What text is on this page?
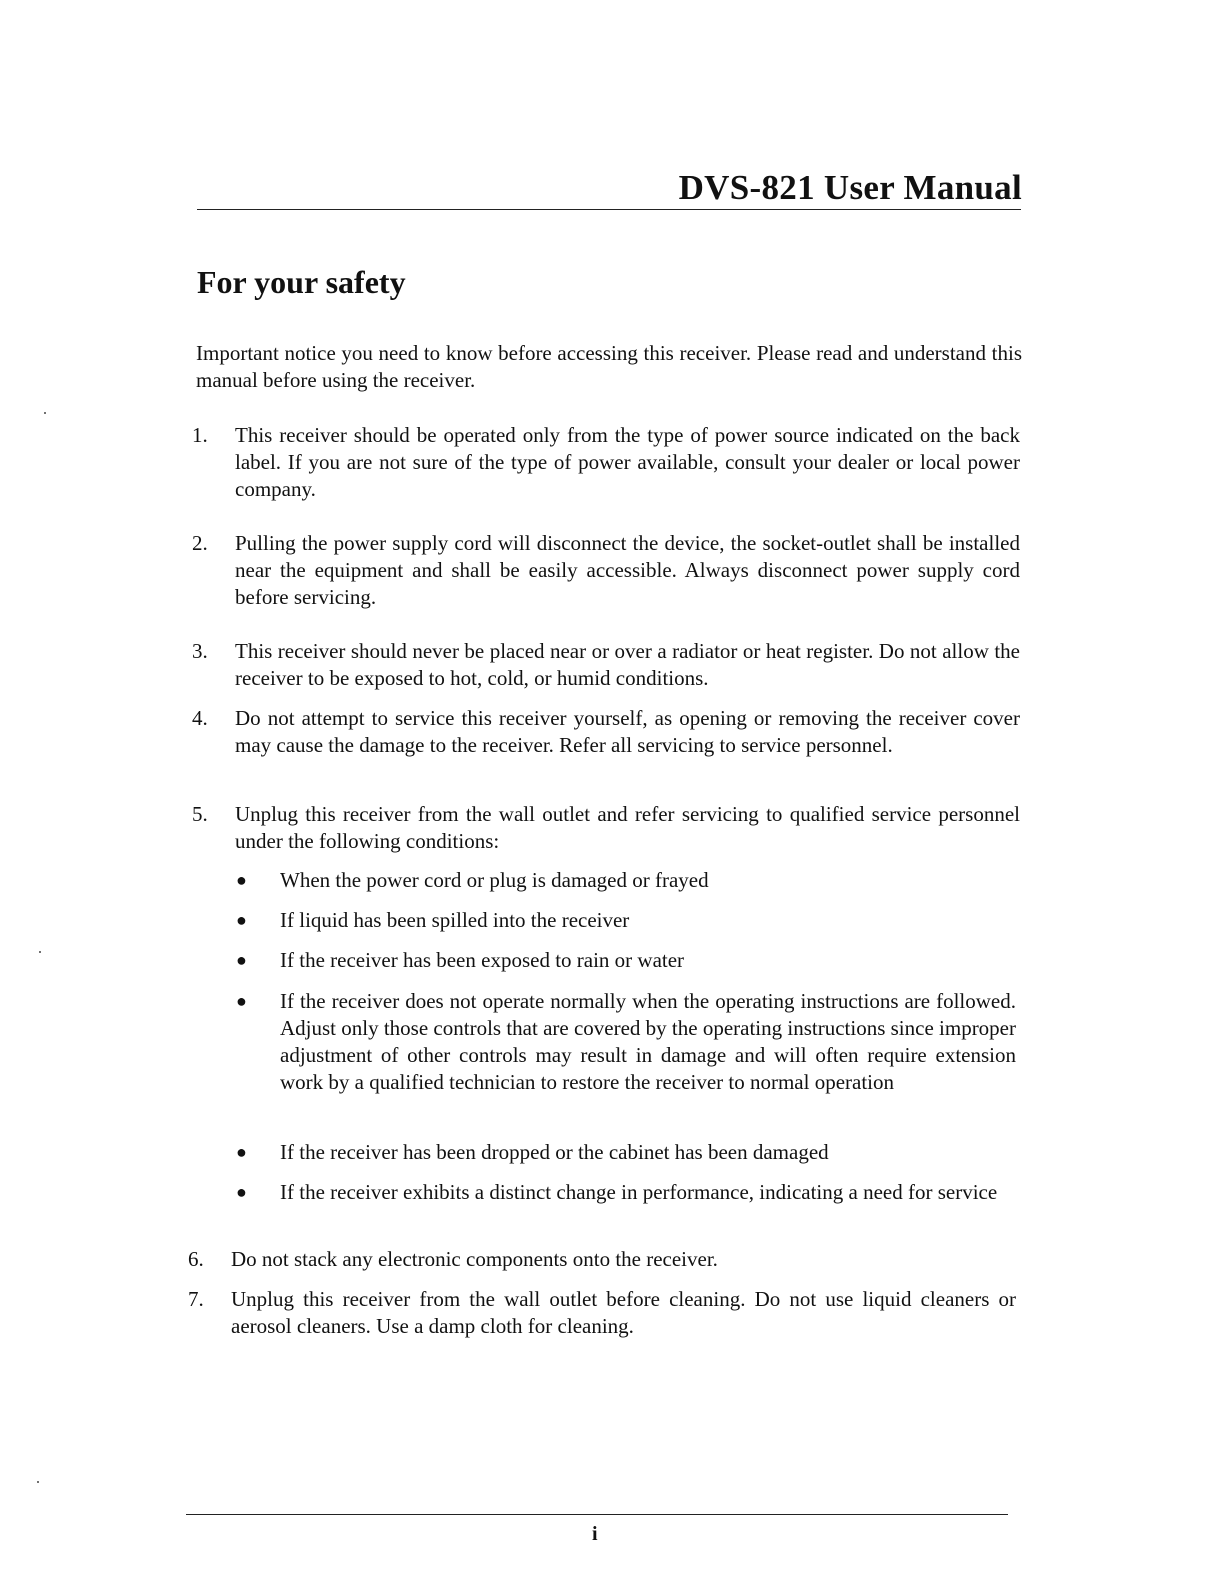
DVS-821 User Manual
For your safety
Important notice you need to know before accessing this receiver. Please read and understand this manual before using the receiver.
1. This receiver should be operated only from the type of power source indicated on the back label. If you are not sure of the type of power available, consult your dealer or local power company.
2. Pulling the power supply cord will disconnect the device, the socket-outlet shall be installed near the equipment and shall be easily accessible. Always disconnect power supply cord before servicing.
3. This receiver should never be placed near or over a radiator or heat register. Do not allow the receiver to be exposed to hot, cold, or humid conditions.
4. Do not attempt to service this receiver yourself, as opening or removing the receiver cover may cause the damage to the receiver. Refer all servicing to service personnel.
5. Unplug this receiver from the wall outlet and refer servicing to qualified service personnel under the following conditions:
● When the power cord or plug is damaged or frayed
● If liquid has been spilled into the receiver
● If the receiver has been exposed to rain or water
● If the receiver does not operate normally when the operating instructions are followed. Adjust only those controls that are covered by the operating instructions since improper adjustment of other controls may result in damage and will often require extension work by a qualified technician to restore the receiver to normal operation
● If the receiver has been dropped or the cabinet has been damaged
● If the receiver exhibits a distinct change in performance, indicating a need for service
6. Do not stack any electronic components onto the receiver.
7. Unplug this receiver from the wall outlet before cleaning. Do not use liquid cleaners or aerosol cleaners. Use a damp cloth for cleaning.
i
